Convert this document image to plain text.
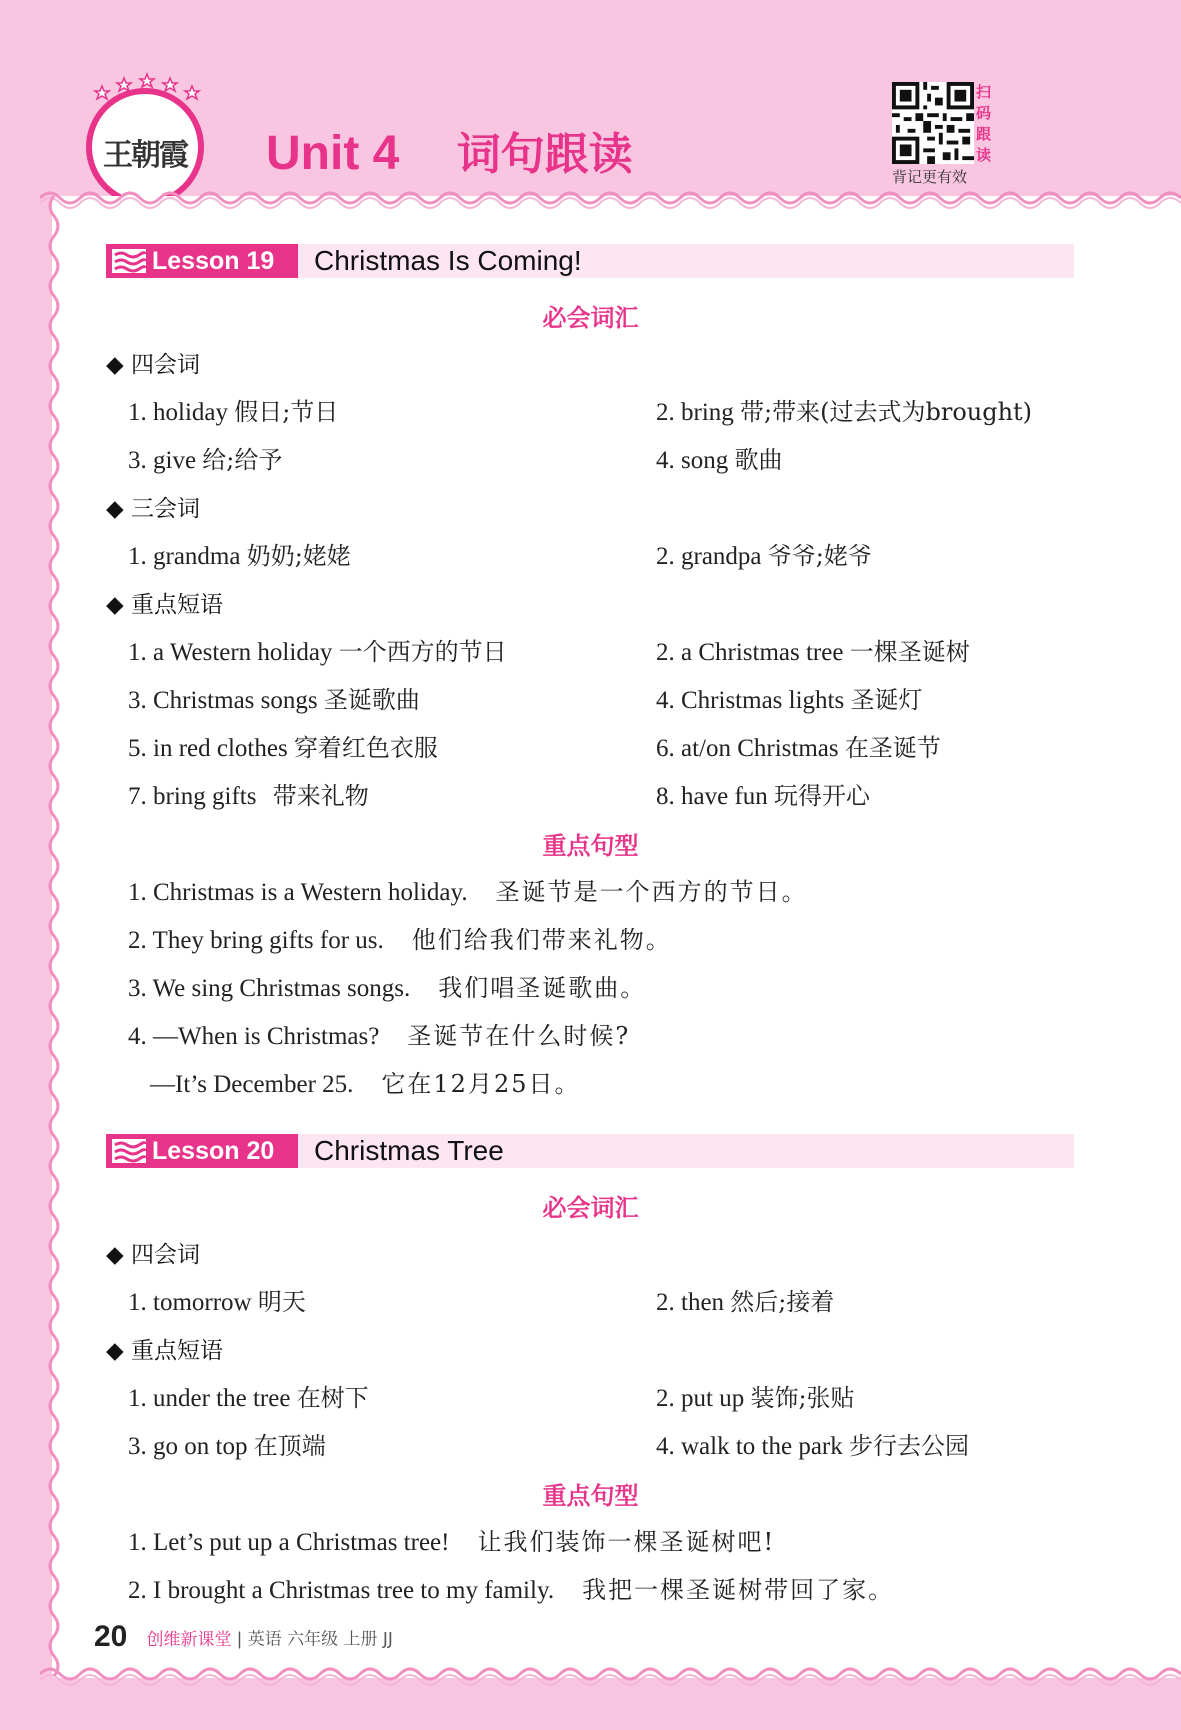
王朝霞 Unit 4 词句跟读
扫码跟读
背记更有效
Lesson 19	Christmas Is Coming!
必会词汇
◆ 四会词
1. holiday 假日;节日	2. bring 带;带来(过去式为brought)
3. give 给;给予	4. song 歌曲
◆ 三会词
1. grandma 奶奶;姥姥	2. grandpa 爷爷;姥爷
◆ 重点短语
1. a Western holiday 一个西方的节日	2. a Christmas tree 一棵圣诞树
3. Christmas songs 圣诞歌曲	4. Christmas lights 圣诞灯
5. in red clothes 穿着红色衣服	6. at/on Christmas 在圣诞节
7. bring gifts 带来礼物	8. have fun 玩得开心
重点句型
1. Christmas is a Western holiday. 圣诞节是一个西方的节日。
2. They bring gifts for us. 他们给我们带来礼物。
3. We sing Christmas songs. 我们唱圣诞歌曲。
4. —When is Christmas? 圣诞节在什么时候?
—It’s December 25. 它在12月25日。
Lesson 20	Christmas Tree
必会词汇
◆ 四会词
1. tomorrow 明天	2. then 然后;接着
◆ 重点短语
1. under the tree 在树下	2. put up 装饰;张贴
3. go on top 在顶端	4. walk to the park 步行去公园
重点句型
1. Let’s put up a Christmas tree! 让我们装饰一棵圣诞树吧!
2. I brought a Christmas tree to my family. 我把一棵圣诞树带回了家。
20 创维新课堂 | 英语 六年级 上册 JJ
